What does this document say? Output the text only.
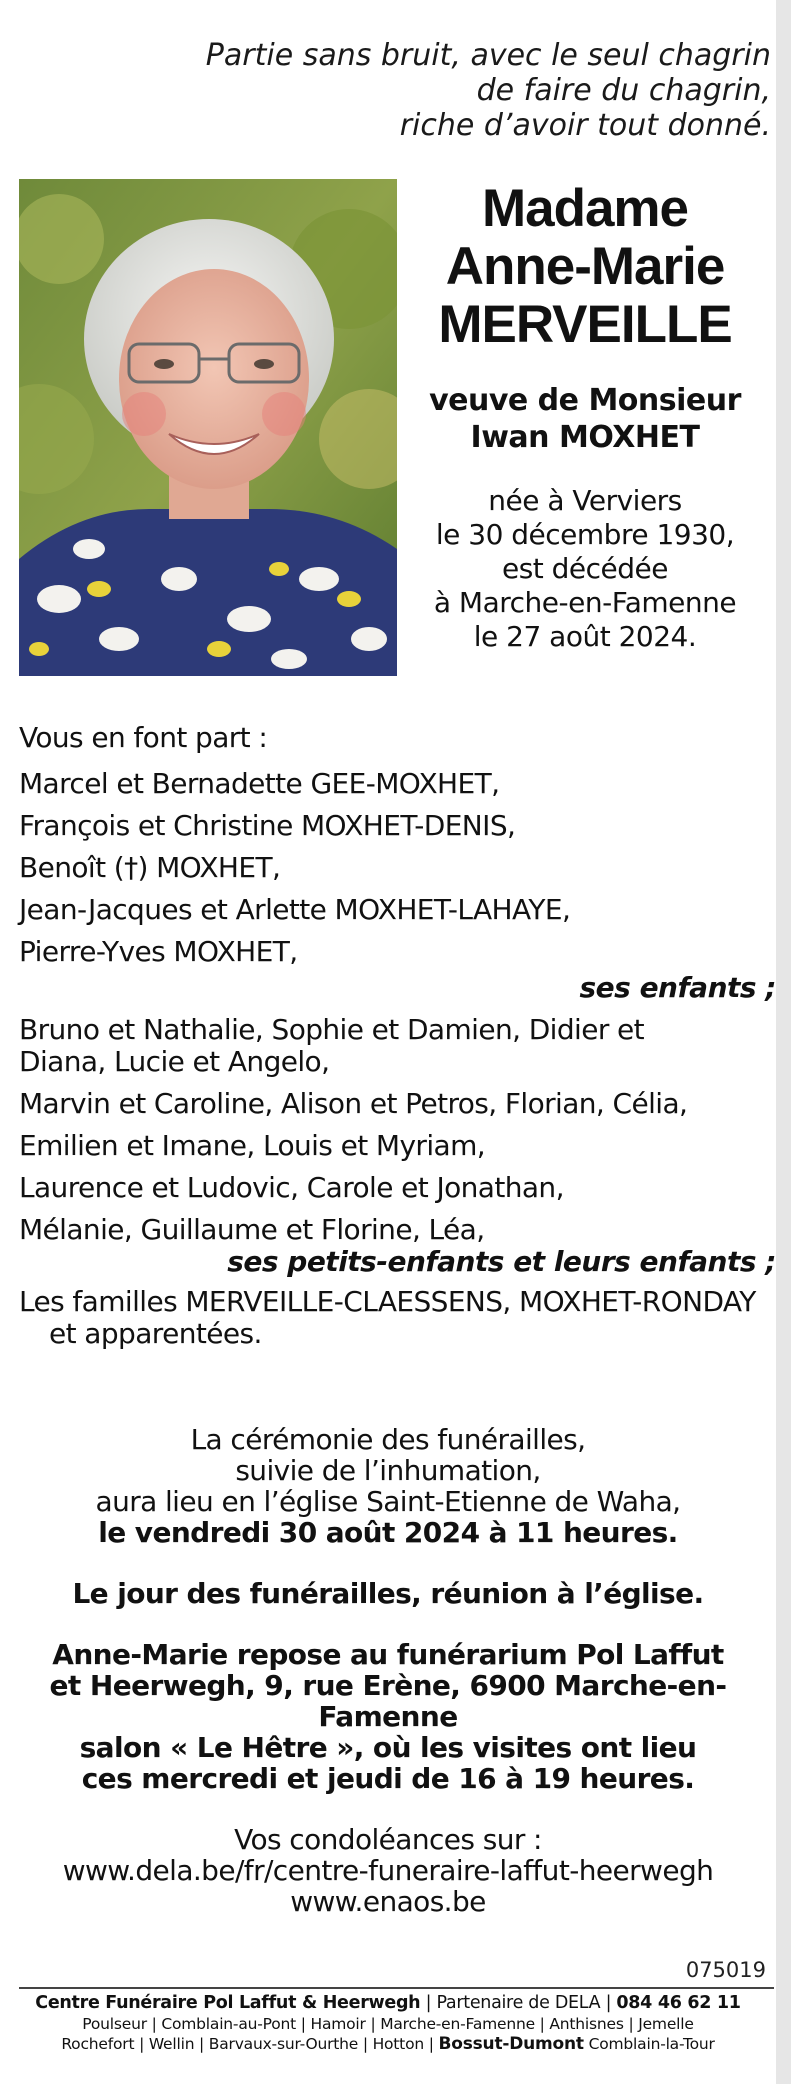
Partie sans bruit, avec le seul chagrin
de faire du chagrin,
riche d’avoir tout donné.
Madame
Anne-Marie
MERVEILLE
veuve de Monsieur
Iwan MOXHET
née à Verviers
le 30 décembre 1930,
est décédée
à Marche-en-Famenne
le 27 août 2024.
Vous en font part :
Marcel et Bernadette GEE-MOXHET,
François et Christine MOXHET-DENIS,
Benoît (†) MOXHET,
Jean-Jacques et Arlette MOXHET-LAHAYE,
Pierre-Yves MOXHET,
ses enfants ;
Bruno et Nathalie, Sophie et Damien, Didier et
Diana, Lucie et Angelo,
Marvin et Caroline, Alison et Petros, Florian, Célia,
Emilien et Imane, Louis et Myriam,
Laurence et Ludovic, Carole et Jonathan,
Mélanie, Guillaume et Florine, Léa,
ses petits-enfants et leurs enfants ;
Les familles MERVEILLE-CLAESSENS, MOXHET-RONDAY
et apparentées.
La cérémonie des funérailles,
suivie de l’inhumation,
aura lieu en l’église Saint-Etienne de Waha,
le vendredi 30 août 2024 à 11 heures.
Le jour des funérailles, réunion à l’église.
Anne-Marie repose au funérarium Pol Laffut
et Heerwegh, 9, rue Erène, 6900 Marche-en-Famenne
salon « Le Hêtre », où les visites ont lieu
ces mercredi et jeudi de 16 à 19 heures.
Vos condoléances sur :
www.dela.be/fr/centre-funeraire-laffut-heerwegh
www.enaos.be
075019
Centre Funéraire Pol Laffut & Heerwegh | Partenaire de DELA | 084 46 62 11
Poulseur | Comblain-au-Pont | Hamoir | Marche-en-Famenne | Anthisnes | Jemelle
Rochefort | Wellin | Barvaux-sur-Ourthe | Hotton | Bossut-Dumont Comblain-la-Tour
